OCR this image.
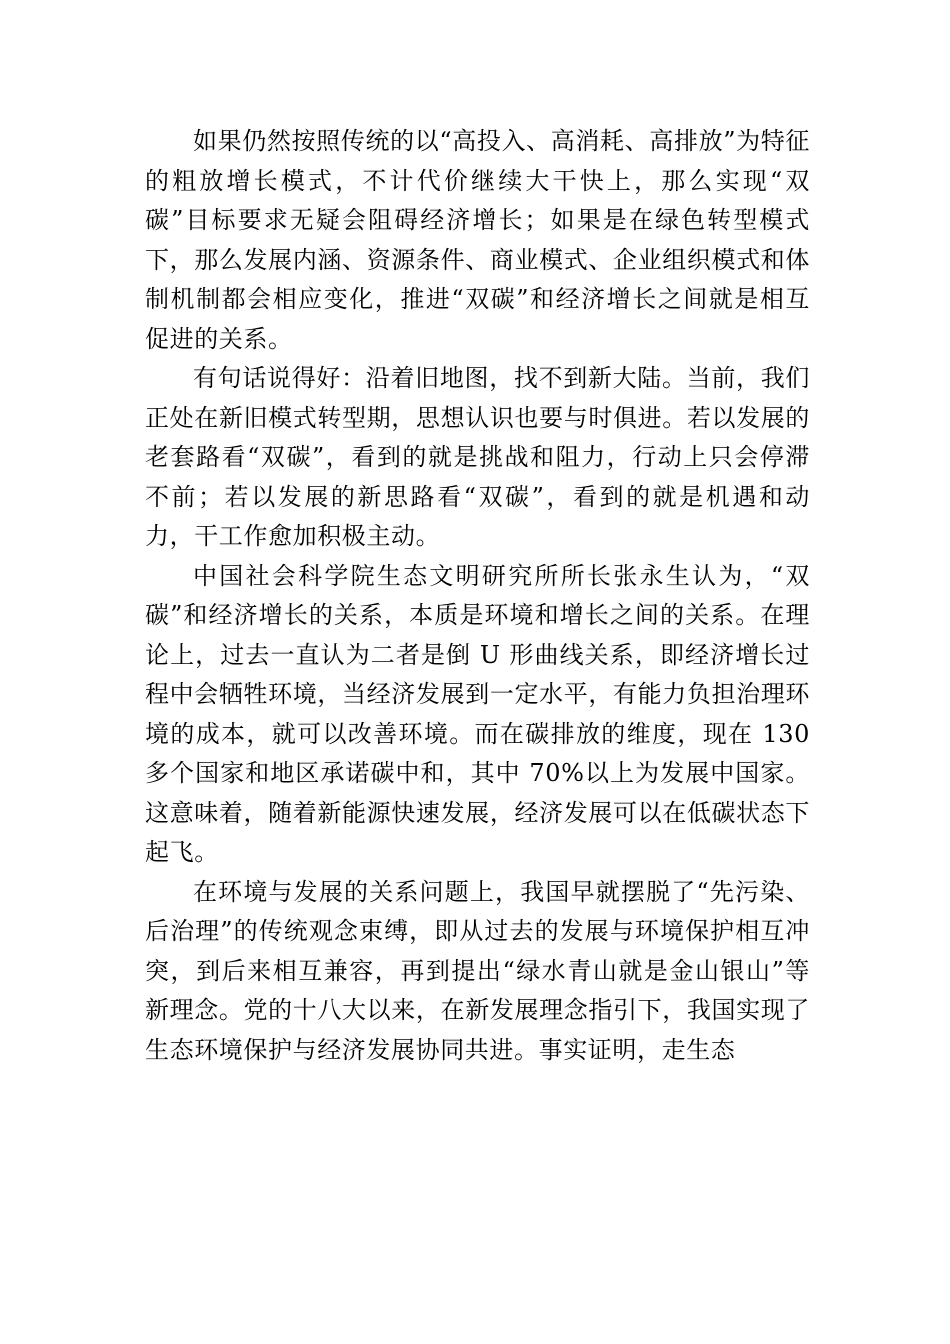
如果仍然按照传统的以“高投入、高消耗、高排放”为特征的粗放增长模式，不计代价继续大干快上，那么实现“双碳”目标要求无疑会阻碍经济增长；如果是在绿色转型模式下，那么发展内涵、资源条件、商业模式、企业组织模式和体制机制都会相应变化，推进“双碳”和经济增长之间就是相互促进的关系。

有句话说得好：沿着旧地图，找不到新大陆。当前，我们正处在新旧模式转型期，思想认识也要与时俱进。若以发展的老套路看“双碳”，看到的就是挑战和阻力，行动上只会停滞不前；若以发展的新思路看“双碳”，看到的就是机遇和动力，干工作愈加积极主动。

中国社会科学院生态文明研究所所长张永生认为，“双碳”和经济增长的关系，本质是环境和增长之间的关系。在理论上，过去一直认为二者是倒 U 形曲线关系，即经济增长过程中会牺牲环境，当经济发展到一定水平，有能力负担治理环境的成本，就可以改善环境。而在碳排放的维度，现在 130 多个国家和地区承诺碳中和，其中 70%以上为发展中国家。这意味着，随着新能源快速发展，经济发展可以在低碳状态下起飞。

在环境与发展的关系问题上，我国早就摆脱了“先污染、后治理”的传统观念束缚，即从过去的发展与环境保护相互冲突，到后来相互兼容，再到提出“绿水青山就是金山银山”等新理念。党的十八大以来，在新发展理念指引下，我国实现了生态环境保护与经济发展协同共进。事实证明，走生态
